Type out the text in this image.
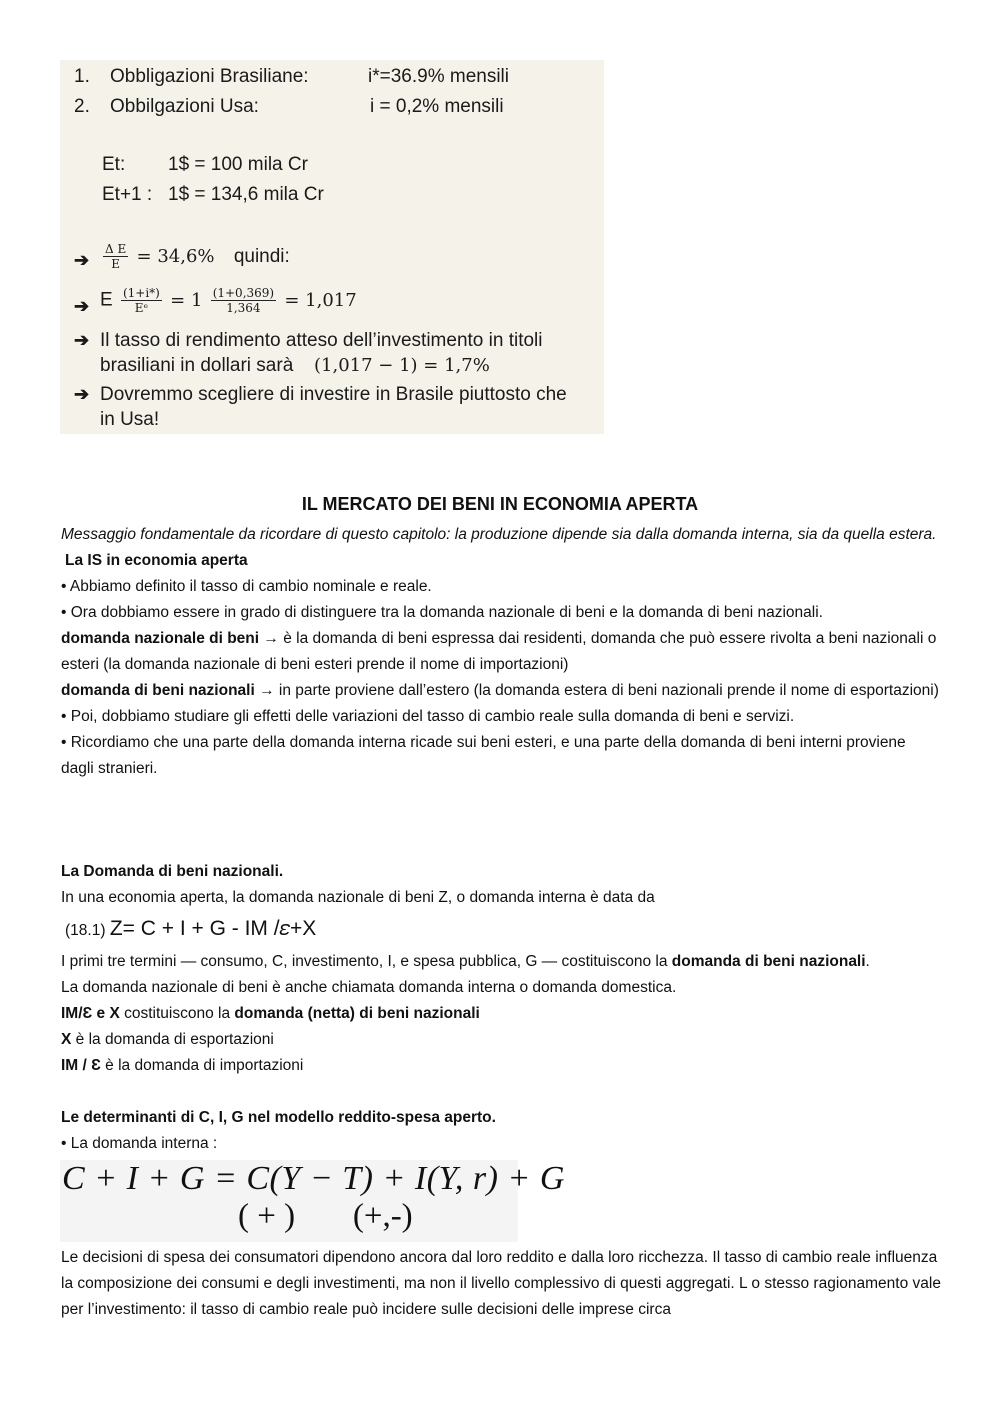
1. Obbligazioni Brasiliane:	i*=36.9% mensili
2. Obbilgazioni Usa:	i = 0,2% mensili
Et: 1$ = 100 mila Cr
Et+1 : 1$ = 134,6 mila Cr
➔ $\frac{\text{Δ E}}{E} = 34,6\%$ quindi:
➔ E $\frac{(1+i*)}{\text{Eᵉ}} = 1 \frac{(1+0,369)}{1,364} = 1,017$
➔ Il tasso di rendimento atteso dell’investimento in titoli
brasiliani in dollari sarà (1,017 − 1) = 1,7%
➔ Dovremmo scegliere di investire in Brasile piuttosto che
in Usa!
IL MERCATO DEI BENI IN ECONOMIA APERTA

Messaggio fondamentale da ricordare di questo capitolo: la produzione dipende sia dalla domanda interna, sia da quella estera.

La IS in economia aperta

• Abbiamo definito il tasso di cambio nominale e reale.

• Ora dobbiamo essere in grado di distinguere tra la domanda nazionale di beni e la domanda di beni nazionali.

domanda nazionale di beni → è la domanda di beni espressa dai residenti, domanda che può essere rivolta a beni nazionali o esteri (la domanda nazionale di beni esteri prende il nome di importazioni)

domanda di beni nazionali → in parte proviene dall’estero (la domanda estera di beni nazionali prende il nome di esportazioni)

• Poi, dobbiamo studiare gli effetti delle variazioni del tasso di cambio reale sulla domanda di beni e servizi.

• Ricordiamo che una parte della domanda interna ricade sui beni esteri, e una parte della domanda di beni interni proviene dagli stranieri.

La Domanda di beni nazionali.

In una economia aperta, la domanda nazionale di beni Z, o domanda interna è data da

(18.1) Z= C + I + G - IM /𝜀+X

I primi tre termini — consumo, C, investimento, I, e spesa pubblica, G — costituiscono la domanda di beni nazionali.

La domanda nazionale di beni è anche chiamata domanda interna o domanda domestica.

IM/Ɛ e X costituiscono la domanda (netta) di beni nazionali

X è la domanda di esportazioni

IM / Ɛ è la domanda di importazioni

Le determinanti di C, I, G nel modello reddito-spesa aperto.

• La domanda interna :

C + I + G = C(Y − T) + I(Y, r) + G
( + )       (+,-)

Le decisioni di spesa dei consumatori dipendono ancora dal loro reddito e dalla loro ricchezza. Il tasso di cambio reale influenza la composizione dei consumi e degli investimenti, ma non il livello complessivo di questi aggregati. L o stesso ragionamento vale per l’investimento: il tasso di cambio reale può incidere sulle decisioni delle imprese circa
